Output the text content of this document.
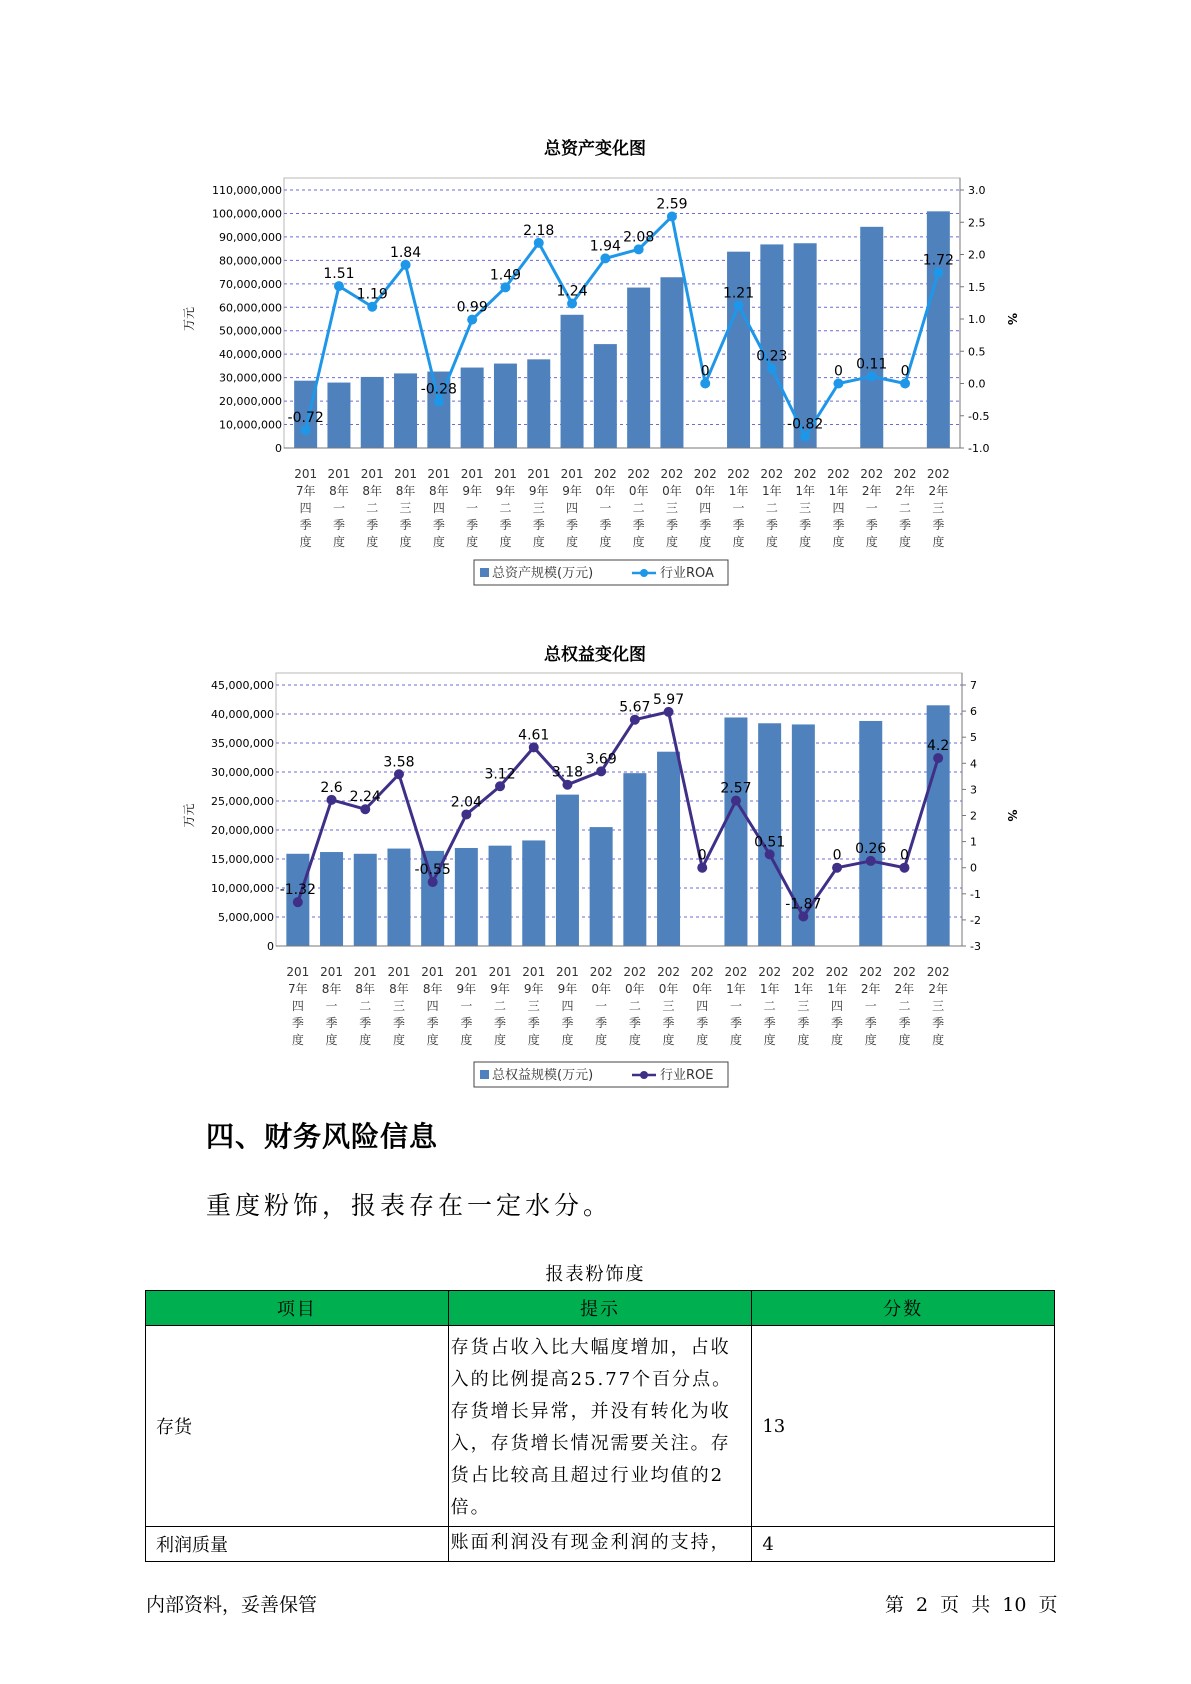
总资产变化图
110,000,000
100,000,000
90,000,000
80,000,000
70,000,000
60,000,000
50,000,000
40,000,000
30,000,000
20,000,000
10,000,000
0
3.0
2.5
2.0
1.5
1.0
0.5
0.0
-0.5
-1.0
万元	%
-0.72
1.51
1.19
1.84
-0.28
0.99
1.49
2.18
1.24
1.94
2.08
2.59
0
1.21
0.23
-0.82
0 0.11 0
1.72
201
7年
四
季
度
201
8年
一
季
度
201
8年
二
季
度
201
8年
三
季
度
201
8年
四
季
度
201
9年
一
季
度
201
9年
二
季
度
201
9年
三
季
度
201
9年
四
季
度
202
0年
一
季
度
202
0年
二
季
度
202
0年
三
季
度
202
0年
四
季
度
202
1年
一
季
度
202
1年
二
季
度
202
1年
三
季
度
202
1年
四
季
度
202
2年
一
季
度
202
2年
二
季
度
202
2年
三
季
度
总资产规模(万元)	行业ROA
总权益变化图
45,000,000
40,000,000
35,000,000
30,000,000
25,000,000
20,000,000
15,000,000
10,000,000
5,000,000
0
7
6
5
4
3
2
1
0
-1
-2
-3
万元	%
-1.32
2.6
2.24
3.58
-0.55
2.04
3.12
4.61
3.18
3.69
5.67 5.97
0
2.57
0.51
-1.87
0 0.26 0
4.2
201
7年
四
季
度
201
8年
一
季
度
201
8年
二
季
度
201
8年
三
季
度
201
8年
四
季
度
201
9年
一
季
度
201
9年
二
季
度
201
9年
三
季
度
201
9年
四
季
度
202
0年
一
季
度
202
0年
二
季
度
202
0年
三
季
度
202
0年
四
季
度
202
1年
一
季
度
202
1年
二
季
度
202
1年
三
季
度
202
1年
四
季
度
202
2年
一
季
度
202
2年
二
季
度
202
2年
三
季
度
总权益规模(万元)	行业ROE
四、财务风险信息
重度粉饰，报表存在一定水分。
报表粉饰度
项目	提示	分数
存货	存货占收入比大幅度增加，占收入的比例提高25.77个百分点。存货增长异常，并没有转化为收入，存货增长情况需要关注。存货占比较高且超过行业均值的2倍。	13
利润质量	账面利润没有现金利润的支持，	4
内部资料，妥善保管	第 2 页 共 10 页
